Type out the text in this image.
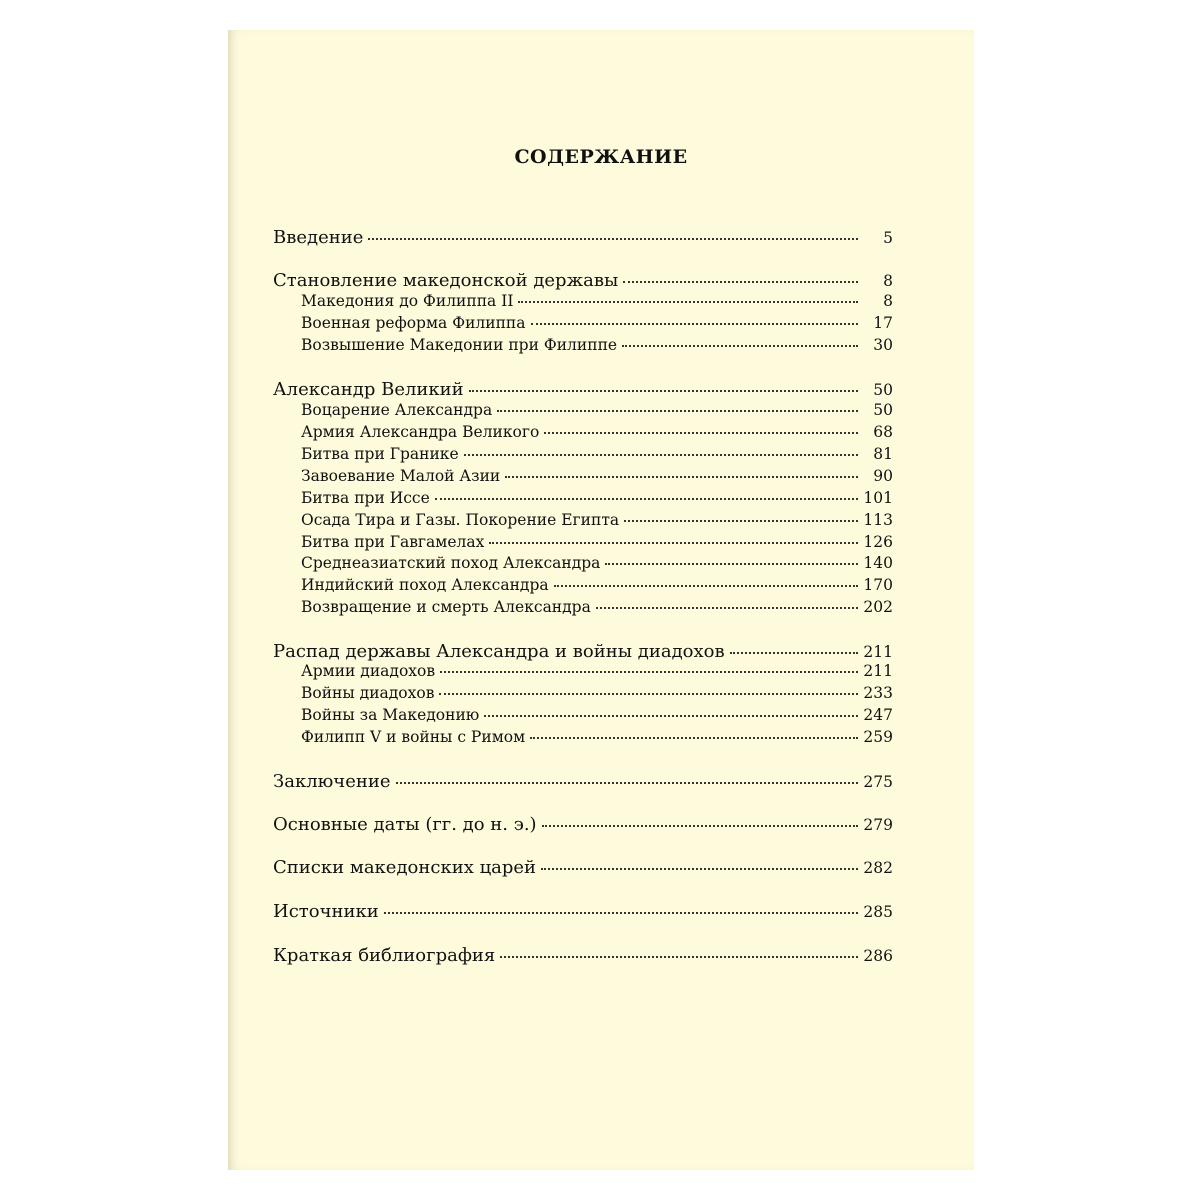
СОДЕРЖАНИЕ
Введение	5
Становление македонской державы	8
Македония до Филиппа II	8
Военная реформа Филиппа	17
Возвышение Македонии при Филиппе	30
Александр Великий	50
Воцарение Александра	50
Армия Александра Великого	68
Битва при Гранике	81
Завоевание Малой Азии	90
Битва при Иссе	101
Осада Тира и Газы. Покорение Египта	113
Битва при Гавгамелах	126
Среднеазиатский поход Александра	140
Индийский поход Александра	170
Возвращение и смерть Александра	202
Распад державы Александра и войны диадохов	211
Армии диадохов	211
Войны диадохов	233
Войны за Македонию	247
Филипп V и войны с Римом	259
Заключение	275
Основные даты (гг. до н. э.)	279
Списки македонских царей	282
Источники	285
Краткая библиография	286
